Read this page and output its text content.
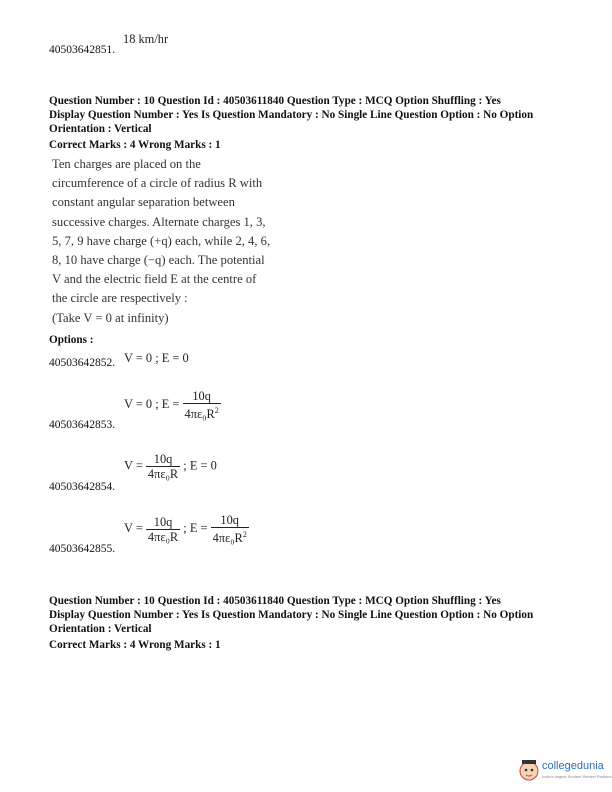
18 km/hr
40503642851.
Question Number : 10 Question Id : 40503611840 Question Type : MCQ Option Shuffling : Yes
Display Question Number : Yes Is Question Mandatory : No Single Line Question Option : No Option
Orientation : Vertical
Correct Marks : 4 Wrong Marks : 1
Ten charges are placed on the
circumference of a circle of radius R with
constant angular separation between
successive charges. Alternate charges 1, 3,
5, 7, 9 have charge (+q) each, while 2, 4, 6,
8, 10 have charge (−q) each. The potential
V and the electric field E at the centre of
the circle are respectively :
(Take V = 0 at infinity)
Options :
40503642852. V = 0 ; E = 0
40503642853.
V = 0 ; $E = \frac{10q}{4\pi\varepsilon_0R^2}$
40503642854.
$V = \frac{10q}{\text{4πε₀R}}$ ; E = 0
40503642855.
$V = \frac{10q}{\text{4πε₀R}}$ ; $E = \frac{10q}{4\pi\varepsilon_0R^2}$
Question Number : 10 Question Id : 40503611840 Question Type : MCQ Option Shuffling : Yes
Display Question Number : Yes Is Question Mandatory : No Single Line Question Option : No Option
Orientation : Vertical
Correct Marks : 4 Wrong Marks : 1
collegedunia
India's largest Student Review Platform
